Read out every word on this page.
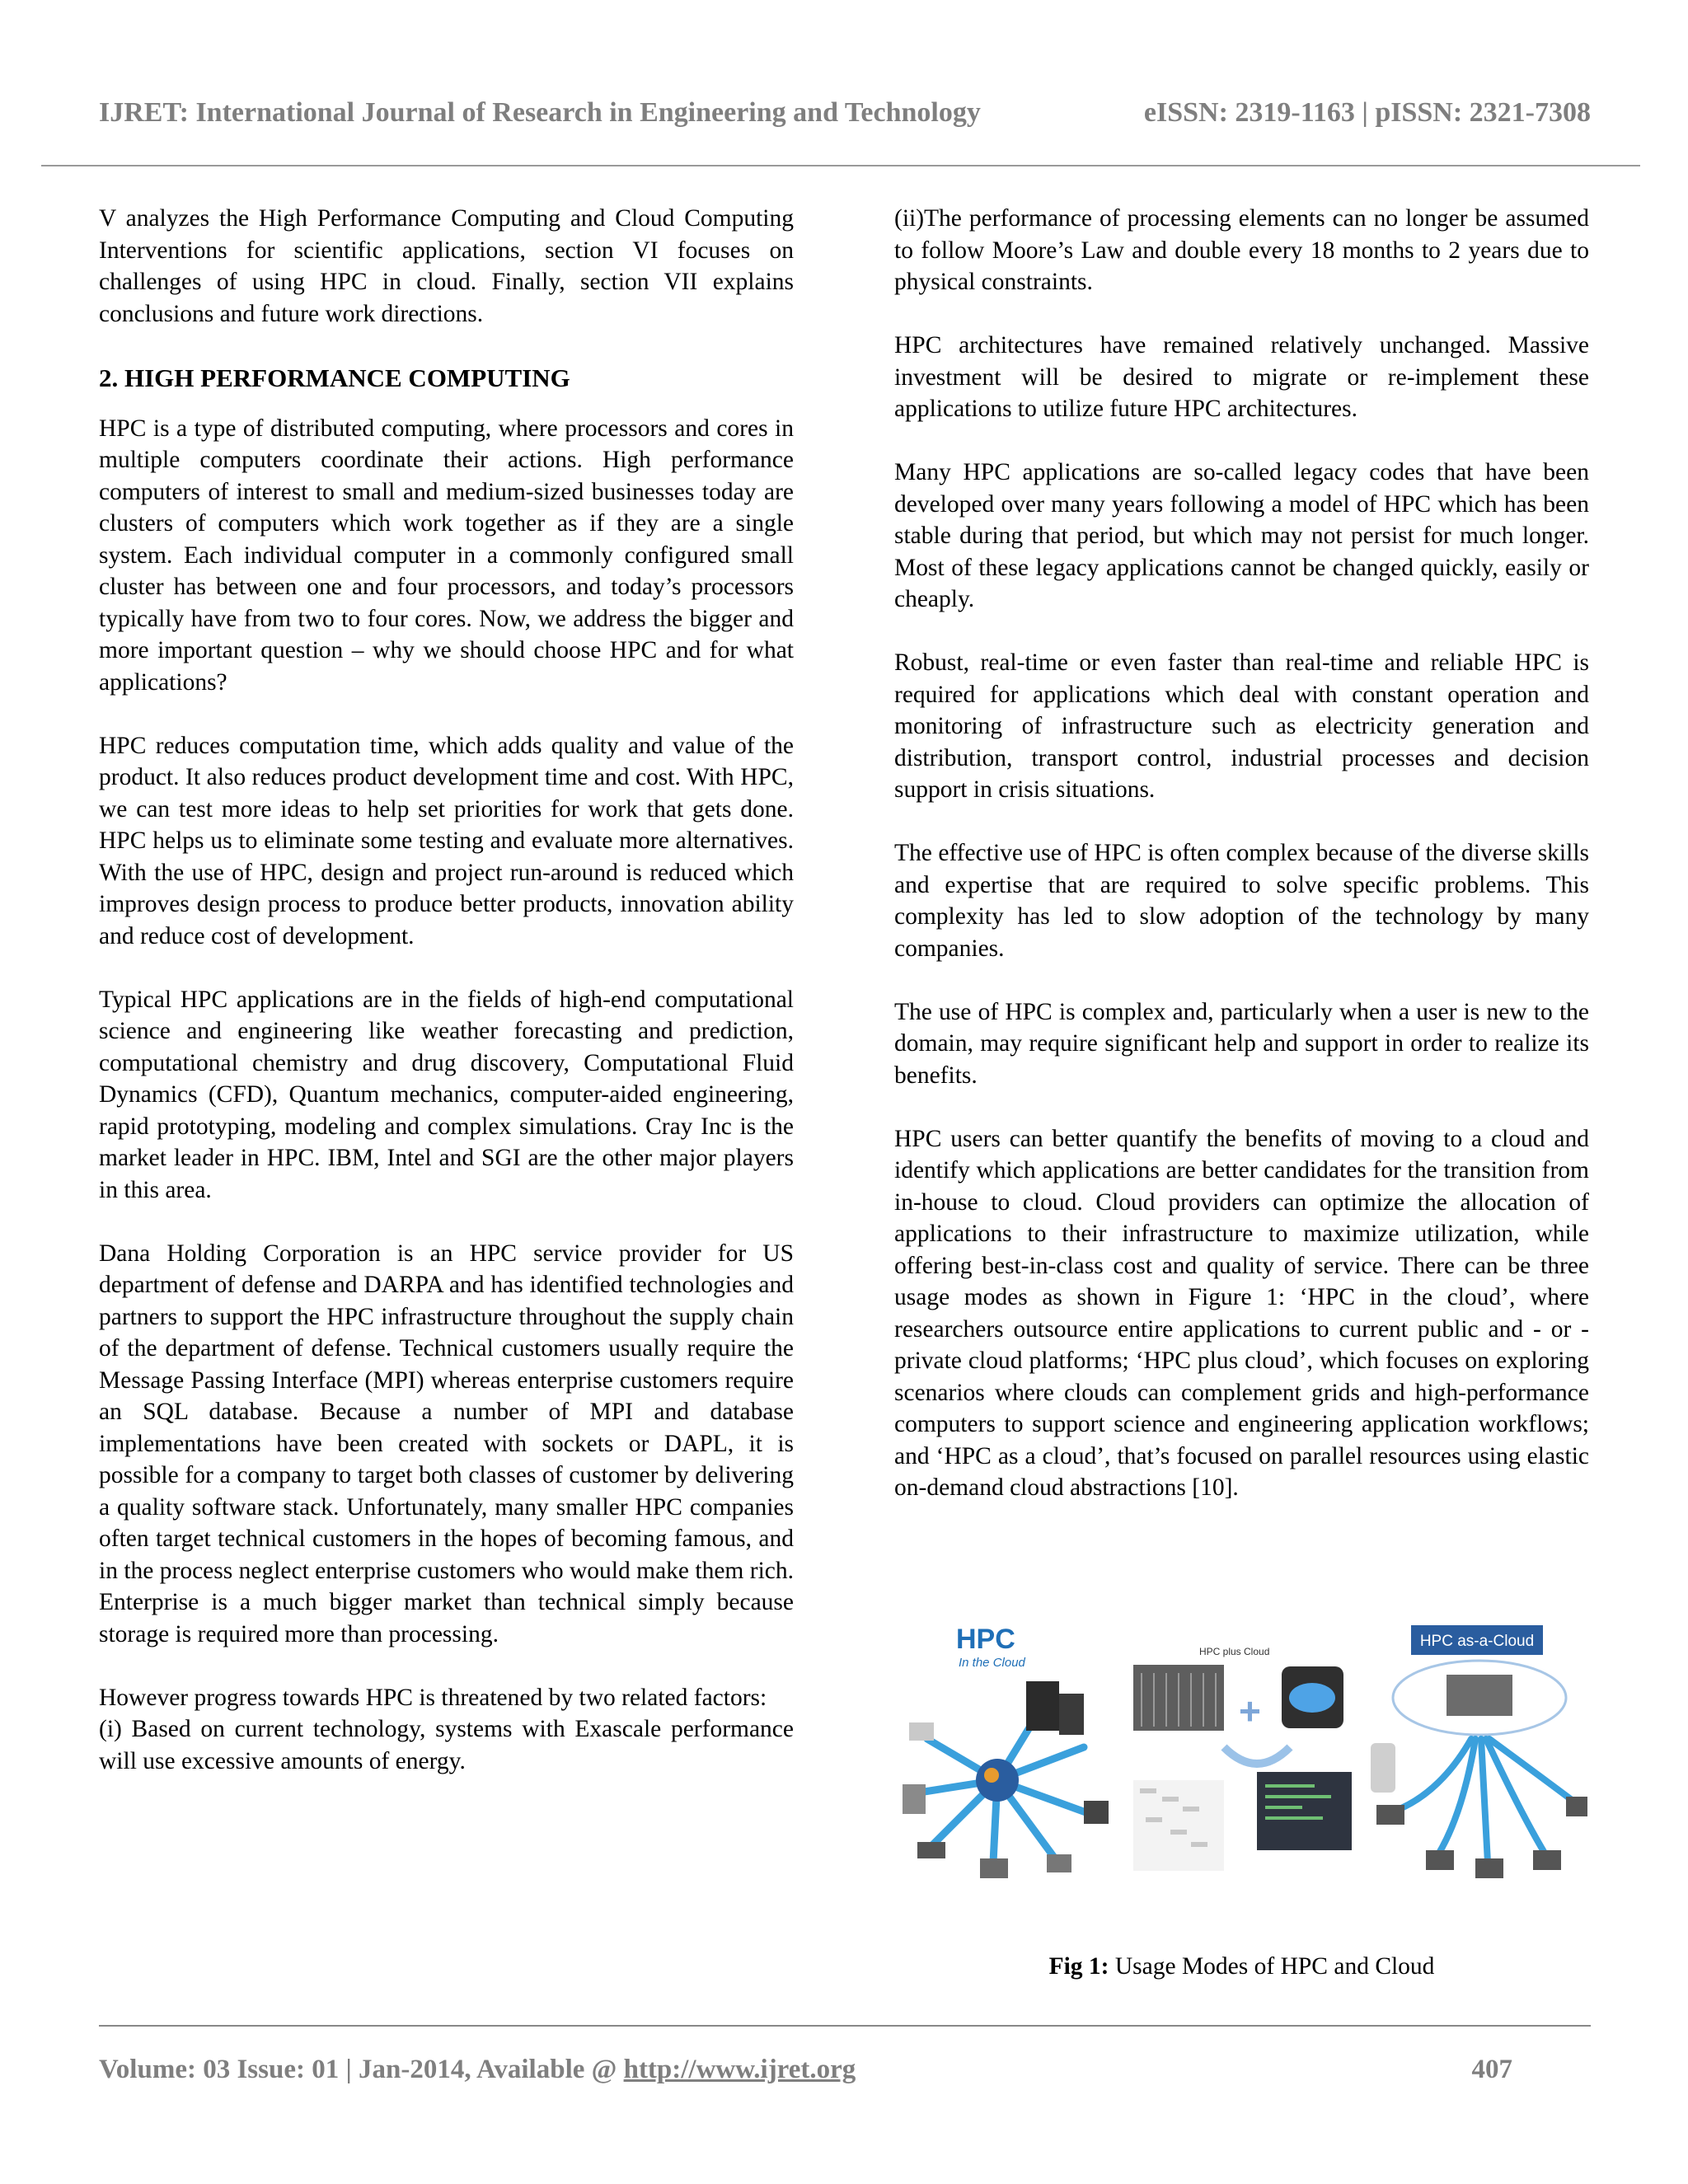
IJRET: International Journal of Research in Engineering and Technology	eISSN: 2319-1163 | pISSN: 2321-7308

V analyzes the High Performance Computing and Cloud Computing Interventions for scientific applications, section VI focuses on challenges of using HPC in cloud. Finally, section VII explains conclusions and future work directions.

2. HIGH PERFORMANCE COMPUTING

HPC is a type of distributed computing, where processors and cores in multiple computers coordinate their actions. High performance computers of interest to small and medium-sized businesses today are clusters of computers which work together as if they are a single system. Each individual computer in a commonly configured small cluster has between one and four processors, and today’s processors typically have from two to four cores. Now, we address the bigger and more important question – why we should choose HPC and for what applications?

HPC reduces computation time, which adds quality and value of the product. It also reduces product development time and cost. With HPC, we can test more ideas to help set priorities for work that gets done. HPC helps us to eliminate some testing and evaluate more alternatives. With the use of HPC, design and project run-around is reduced which improves design process to produce better products, innovation ability and reduce cost of development.

Typical HPC applications are in the fields of high-end computational science and engineering like weather forecasting and prediction, computational chemistry and drug discovery, Computational Fluid Dynamics (CFD), Quantum mechanics, computer-aided engineering, rapid prototyping, modeling and complex simulations. Cray Inc is the market leader in HPC. IBM, Intel and SGI are the other major players in this area.

Dana Holding Corporation is an HPC service provider for US department of defense and DARPA and has identified technologies and partners to support the HPC infrastructure throughout the supply chain of the department of defense. Technical customers usually require the Message Passing Interface (MPI) whereas enterprise customers require an SQL database. Because a number of MPI and database implementations have been created with sockets or DAPL, it is possible for a company to target both classes of customer by delivering a quality software stack. Unfortunately, many smaller HPC companies often target technical customers in the hopes of becoming famous, and in the process neglect enterprise customers who would make them rich. Enterprise is a much bigger market than technical simply because storage is required more than processing.

However progress towards HPC is threatened by two related factors:

(i) Based on current technology, systems with Exascale performance will use excessive amounts of energy.

(ii)The performance of processing elements can no longer be assumed to follow Moore’s Law and double every 18 months to 2 years due to physical constraints.

HPC architectures have remained relatively unchanged. Massive investment will be desired to migrate or re-implement these applications to utilize future HPC architectures.

Many HPC applications are so-called legacy codes that have been developed over many years following a model of HPC which has been stable during that period, but which may not persist for much longer. Most of these legacy applications cannot be changed quickly, easily or cheaply.

Robust, real-time or even faster than real-time and reliable HPC is required for applications which deal with constant operation and monitoring of infrastructure such as electricity generation and distribution, transport control, industrial processes and decision support in crisis situations.

The effective use of HPC is often complex because of the diverse skills and expertise that are required to solve specific problems. This complexity has led to slow adoption of the technology by many companies.

The use of HPC is complex and, particularly when a user is new to the domain, may require significant help and support in order to realize its benefits.

HPC users can better quantify the benefits of moving to a cloud and identify which applications are better candidates for the transition from in-house to cloud. Cloud providers can optimize the allocation of applications to their infrastructure to maximize utilization, while offering best-in-class cost and quality of service. There can be three usage modes as shown in Figure 1: ‘HPC in the cloud’, where researchers outsource entire applications to current public and - or - private cloud platforms; ‘HPC plus cloud’, which focuses on exploring scenarios where clouds can complement grids and high-performance computers to support science and engineering application workflows; and ‘HPC as a cloud’, that’s focused on parallel resources using elastic on-demand cloud abstractions [10].

HPC
In the Cloud
HPC plus Cloud
+
HPC as-a-Cloud
Fig 1: Usage Modes of HPC and Cloud
Volume: 03 Issue: 01 | Jan-2014, Available @ http://www.ijret.org	407
